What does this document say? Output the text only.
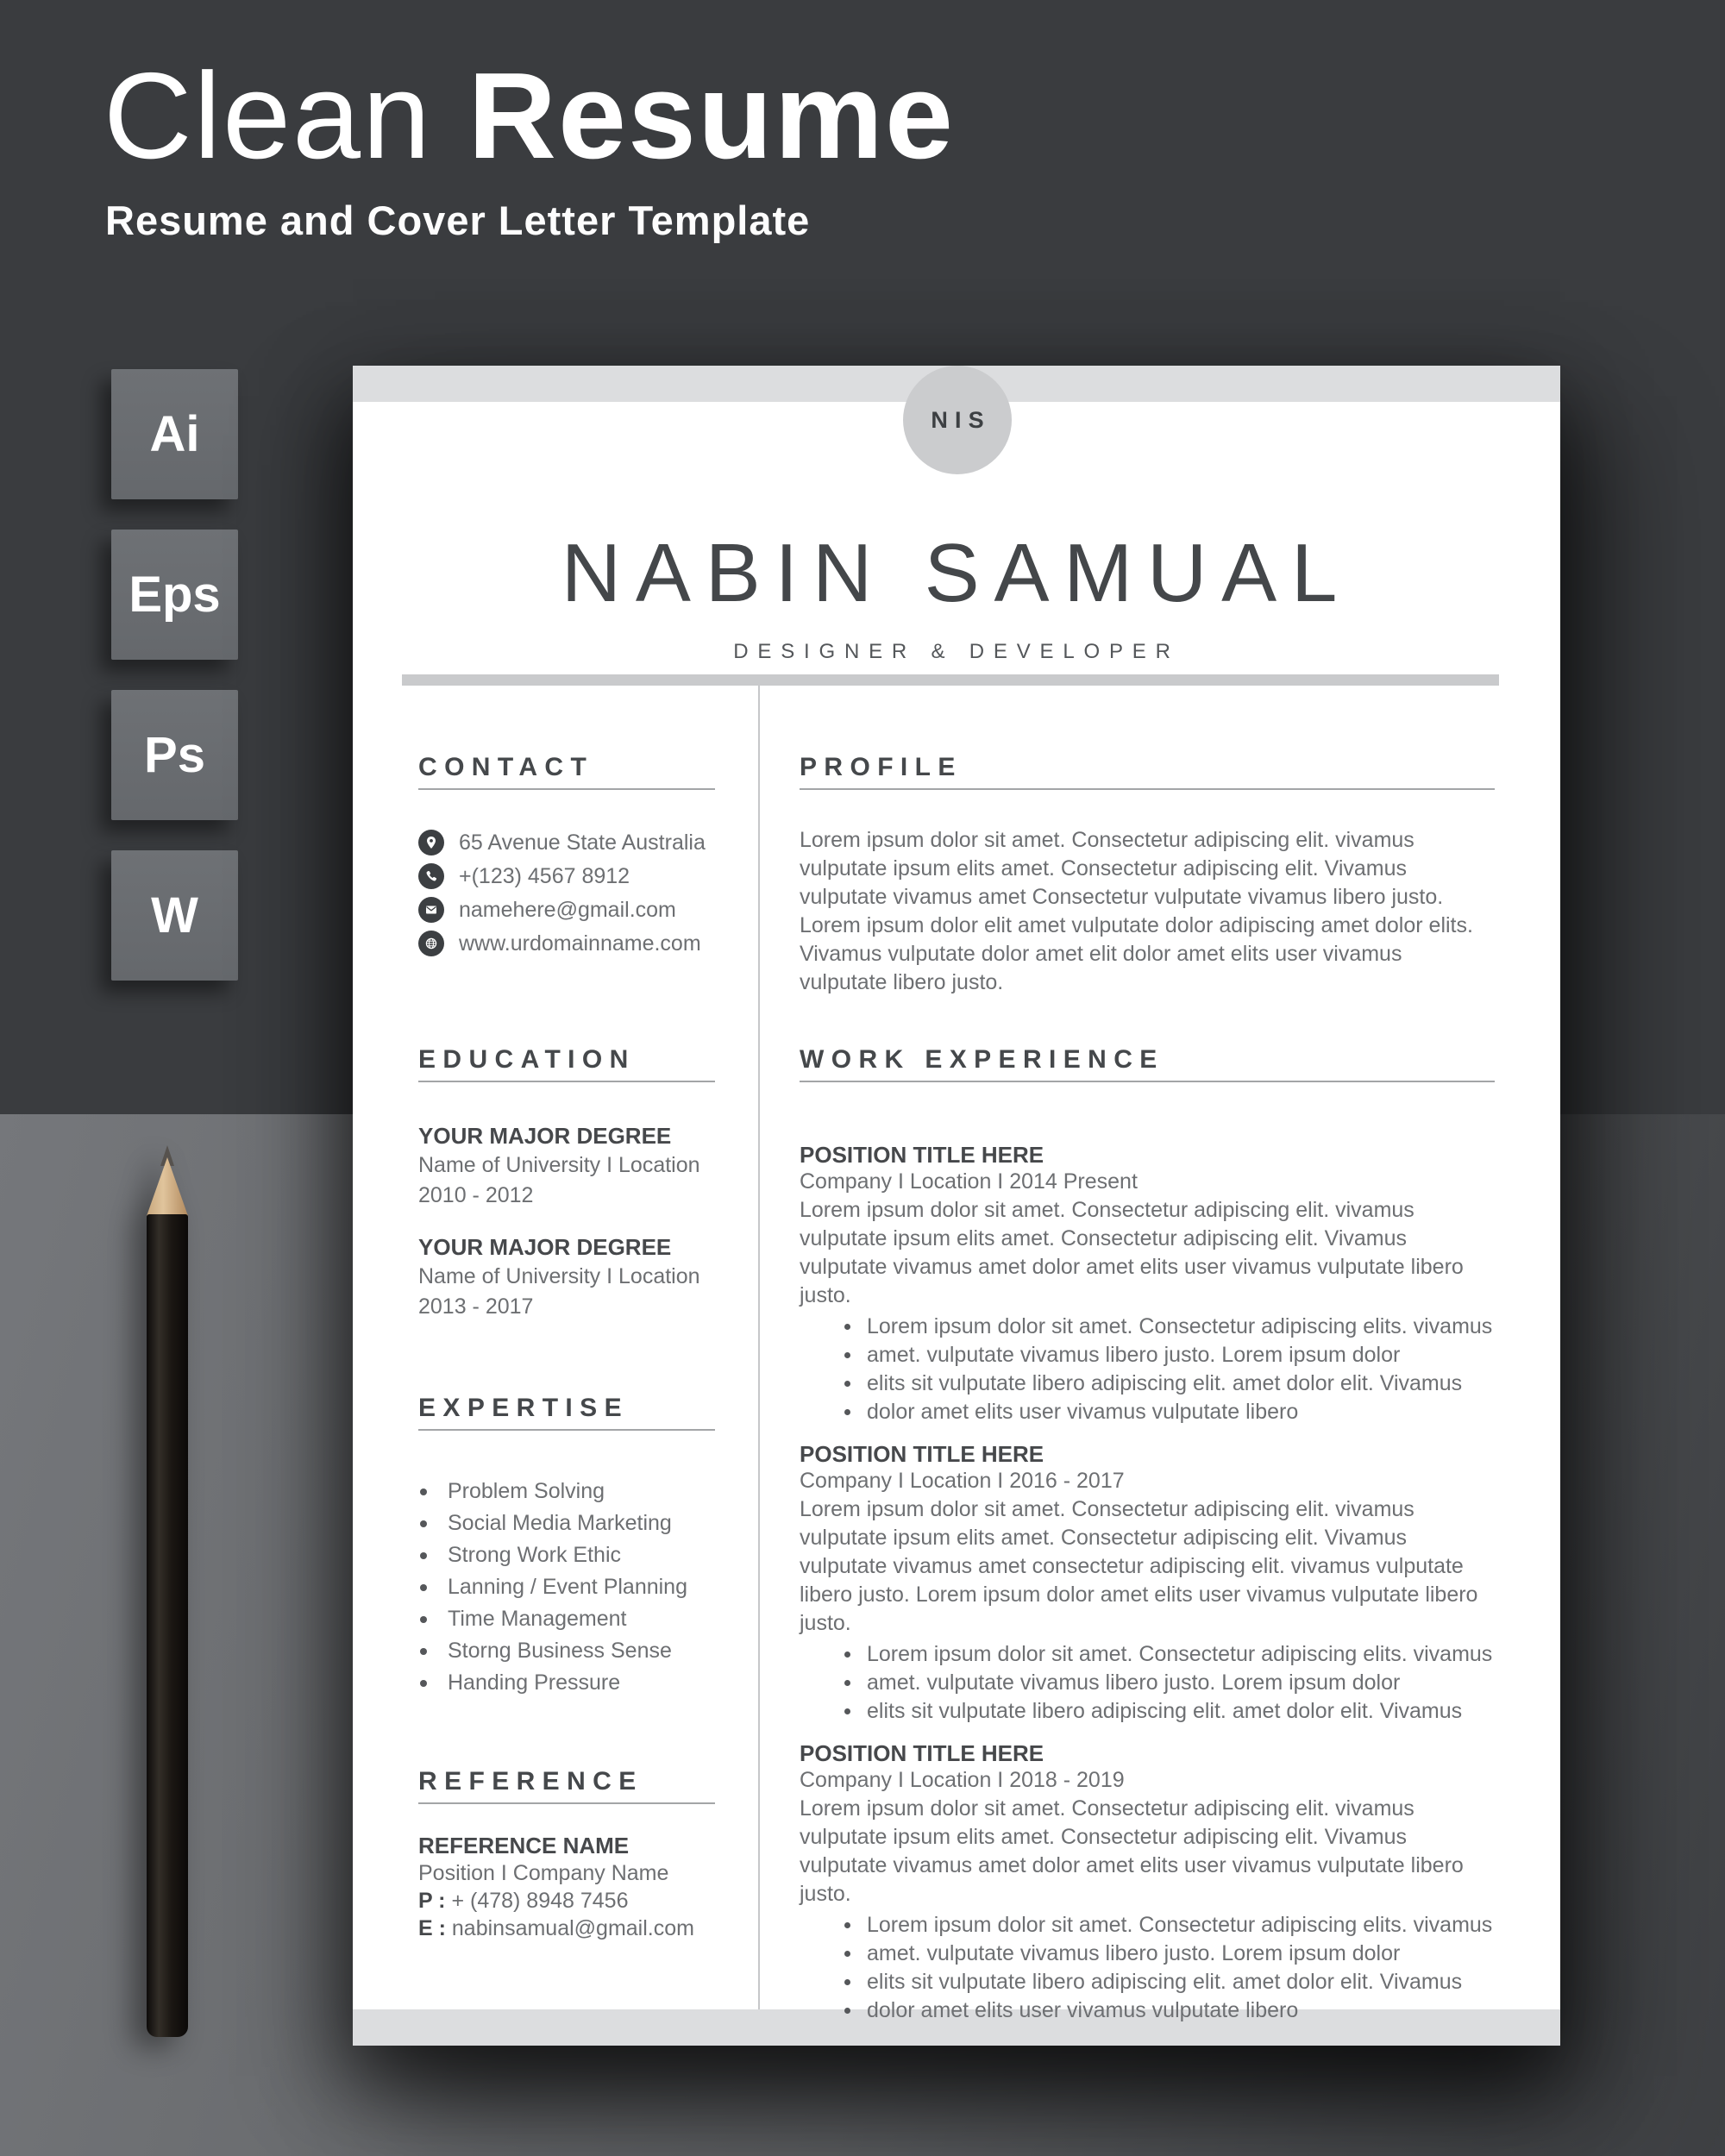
Clean Resume
Resume and Cover Letter Template
Ai
Eps
Ps
W
NIS
NABIN SAMUAL
DESIGNER & DEVELOPER
CONTACT
65 Avenue State Australia
+(123) 4567 8912
namehere@gmail.com
www.urdomainname.com
PROFILE

Lorem ipsum dolor sit amet. Consectetur adipiscing elit. vivamus vulputate ipsum elits amet. Consectetur adipiscing elit. Vivamus vulputate vivamus amet Consectetur vulputate vivamus libero justo. Lorem ipsum dolor elit amet vulputate dolor adipiscing amet dolor elits. Vivamus vulputate dolor amet elit dolor amet elits user vivamus vulputate libero justo.

EDUCATION
YOUR MAJOR DEGREE
Name of University I Location
2010 - 2012
YOUR MAJOR DEGREE
Name of University I Location
2013 - 2017
WORK EXPERIENCE
POSITION TITLE HERE
Company I Location I 2014 Present

Lorem ipsum dolor sit amet. Consectetur adipiscing elit. vivamus vulputate ipsum elits amet. Consectetur adipiscing elit. Vivamus vulputate vivamus amet dolor amet elits user vivamus vulputate libero justo.

Lorem ipsum dolor sit amet. Consectetur adipiscing elits. vivamus
amet. vulputate vivamus libero justo. Lorem ipsum dolor
elits sit vulputate libero adipiscing elit. amet dolor elit. Vivamus
dolor amet elits user vivamus vulputate libero
POSITION TITLE HERE
Company I Location I 2016 - 2017

Lorem ipsum dolor sit amet. Consectetur adipiscing elit. vivamus vulputate ipsum elits amet. Consectetur adipiscing elit. Vivamus vulputate vivamus amet consectetur adipiscing elit. vivamus vulputate libero justo. Lorem ipsum dolor amet elits user vivamus vulputate libero justo.

Lorem ipsum dolor sit amet. Consectetur adipiscing elits. vivamus
amet. vulputate vivamus libero justo. Lorem ipsum dolor
elits sit vulputate libero adipiscing elit. amet dolor elit. Vivamus
POSITION TITLE HERE
Company I Location I 2018 - 2019

Lorem ipsum dolor sit amet. Consectetur adipiscing elit. vivamus vulputate ipsum elits amet. Consectetur adipiscing elit. Vivamus vulputate vivamus amet dolor amet elits user vivamus vulputate libero justo.

Lorem ipsum dolor sit amet. Consectetur adipiscing elits. vivamus
amet. vulputate vivamus libero justo. Lorem ipsum dolor
elits sit vulputate libero adipiscing elit. amet dolor elit. Vivamus
dolor amet elits user vivamus vulputate libero
EXPERTISE
Problem Solving
Social Media Marketing
Strong Work Ethic
Lanning / Event Planning
Time Management
Storng Business Sense
Handing Pressure
REFERENCE
REFERENCE NAME
Position I Company Name
P : + (478) 8948 7456
E : nabinsamual@gmail.com
